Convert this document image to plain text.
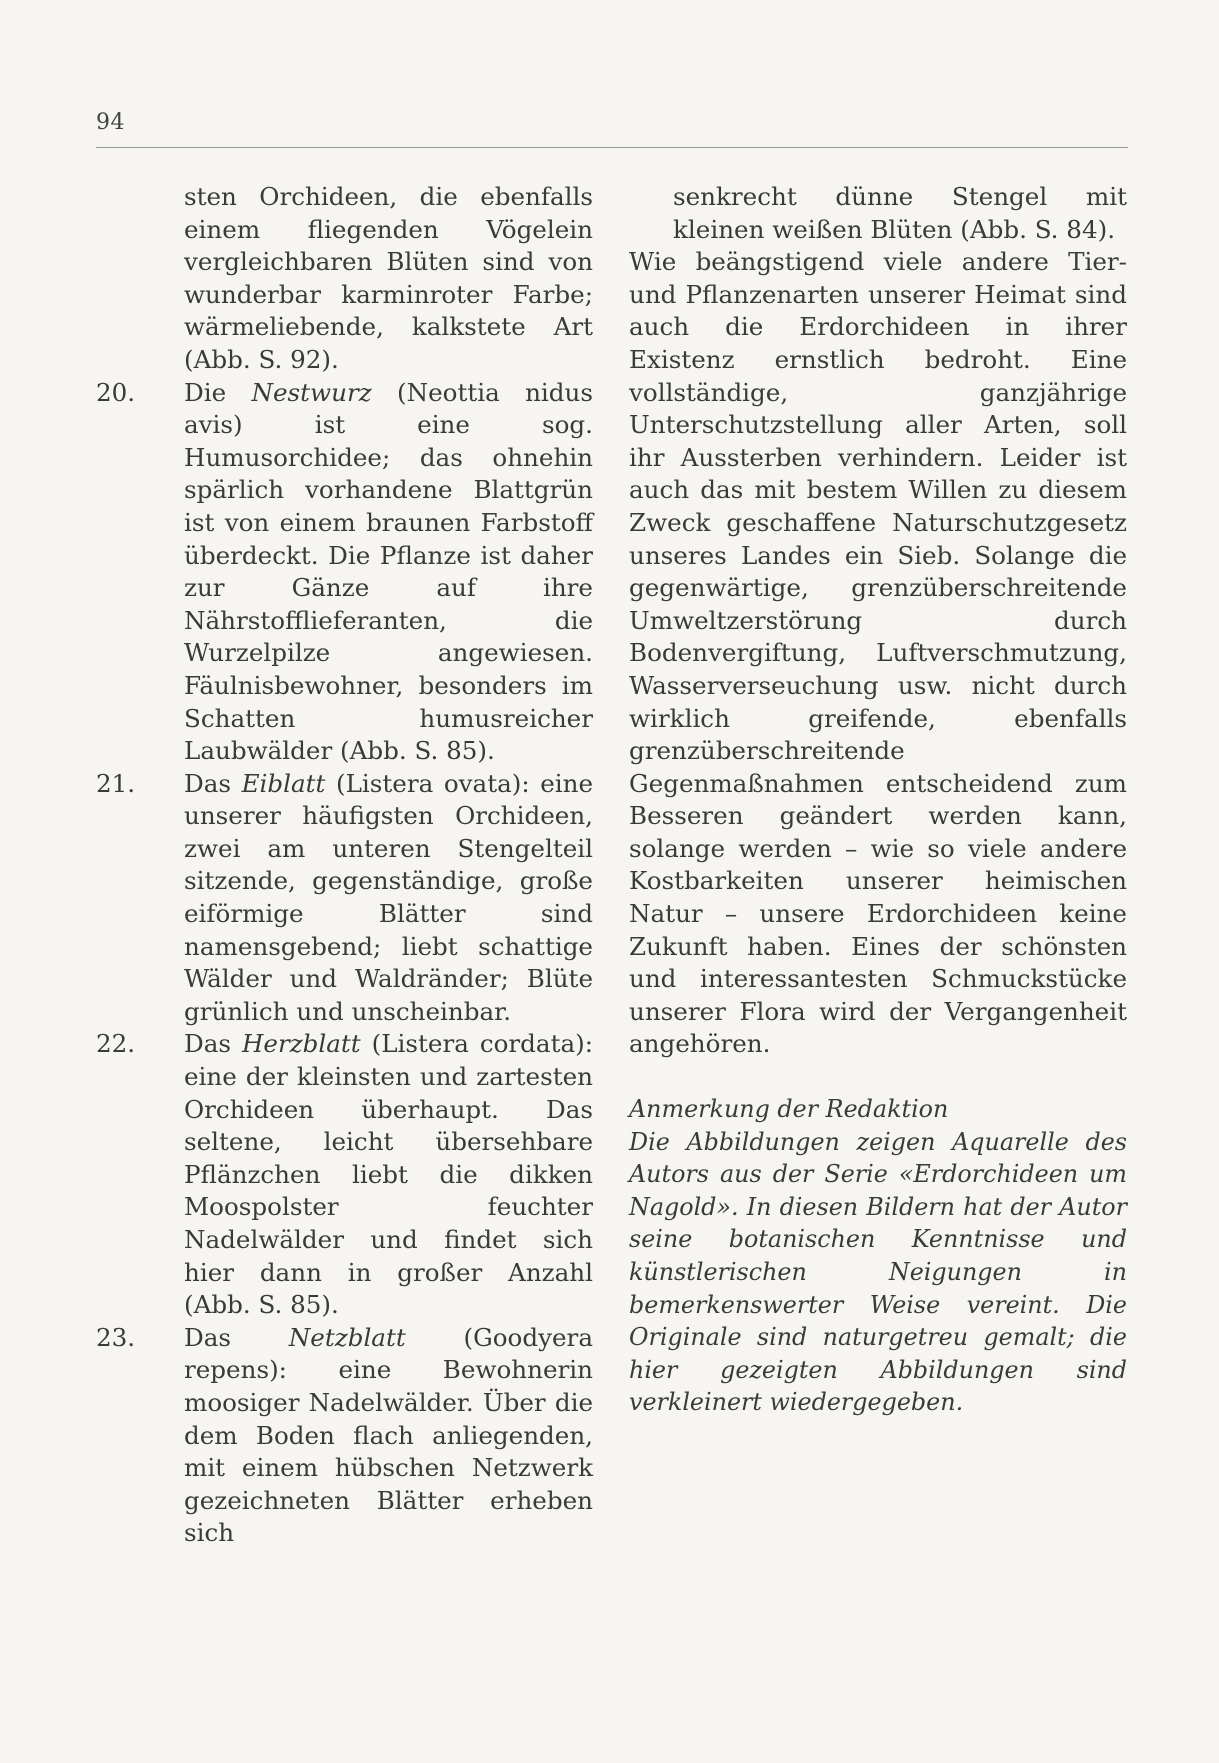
94

sten Orchideen, die ebenfalls einem fliegenden Vögelein vergleichbaren Blüten sind von wunderbar karminroter Farbe; wärmeliebende, kalkstete Art (Abb. S. 92).

20. Die Nestwurz (Neottia nidus avis) ist eine sog. Humusorchidee; das ohnehin spärlich vorhandene Blattgrün ist von einem braunen Farbstoff überdeckt. Die Pflanze ist daher zur Gänze auf ihre Nährstofflieferanten, die Wurzelpilze angewiesen. Fäulnisbewohner, besonders im Schatten humusreicher Laubwälder (Abb. S. 85).
21. Das Eiblatt (Listera ovata): eine unserer häufigsten Orchideen, zwei am unteren Stengelteil sitzende, gegenständige, große eiförmige Blätter sind namensgebend; liebt schattige Wälder und Waldränder; Blüte grünlich und unscheinbar.
22. Das Herzblatt (Listera cordata): eine der kleinsten und zartesten Orchideen überhaupt. Das seltene, leicht übersehbare Pflänzchen liebt die dikken Moospolster feuchter Nadelwälder und findet sich hier dann in großer Anzahl (Abb. S. 85).
23. Das Netzblatt (Goodyera repens): eine Bewohnerin moosiger Nadelwälder. Über die dem Boden flach anliegenden, mit einem hübschen Netzwerk gezeichneten Blätter erheben sich

senkrecht dünne Stengel mit kleinen weißen Blüten (Abb. S. 84).

Wie beängstigend viele andere Tier- und Pflanzenarten unserer Heimat sind auch die Erdorchideen in ihrer Existenz ernstlich bedroht. Eine vollständige, ganzjährige Unterschutzstellung aller Arten, soll ihr Aussterben verhindern. Leider ist auch das mit bestem Willen zu diesem Zweck geschaffene Naturschutzgesetz unseres Landes ein Sieb. Solange die gegenwärtige, grenzüberschreitende Umweltzerstörung durch Bodenvergiftung, Luftverschmutzung, Wasserverseuchung usw. nicht durch wirklich greifende, ebenfalls grenzüberschreitende Gegenmaßnahmen entscheidend zum Besseren geändert werden kann, solange werden – wie so viele andere Kostbarkeiten unserer heimischen Natur – unsere Erdorchideen keine Zukunft haben. Eines der schönsten und interessantesten Schmuckstücke unserer Flora wird der Vergangenheit angehören.

Anmerkung der Redaktion

Die Abbildungen zeigen Aquarelle des Autors aus der Serie «Erdorchideen um Nagold». In diesen Bildern hat der Autor seine botanischen Kenntnisse und künstlerischen Neigungen in bemerkenswerter Weise vereint. Die Originale sind naturgetreu gemalt; die hier gezeigten Abbildungen sind verkleinert wiedergegeben.
